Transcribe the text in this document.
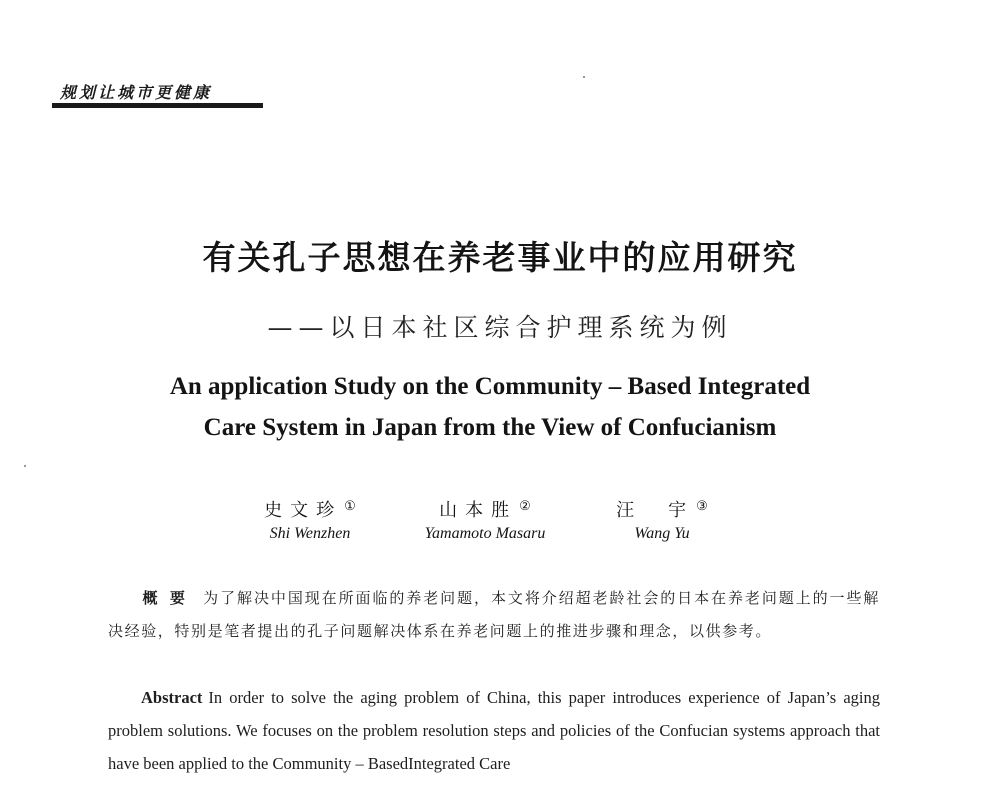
规划让城市更健康
有关孔子思想在养老事业中的应用研究
——以日本社区综合护理系统为例
An application Study on the Community – Based Integrated
Care System in Japan from the View of Confucianism
史文珍 ①
Shi Wenzhen
山本胜 ②
Yamamoto Masaru
汪　宇 ③
Wang Yu
概要 为了解决中国现在所面临的养老问题，本文将介绍超老龄社会的日本在养老问题上的一些解决经验，特别是笔者提出的孔子问题解决体系在养老问题上的推进步骤和理念，以供参考。
Abstract In order to solve the aging problem of China, this paper introduces experience of Japan’s aging problem solutions. We focuses on the problem resolution steps and policies of the Confucian systems approach that have been applied to the Community – BasedIntegrated Care
